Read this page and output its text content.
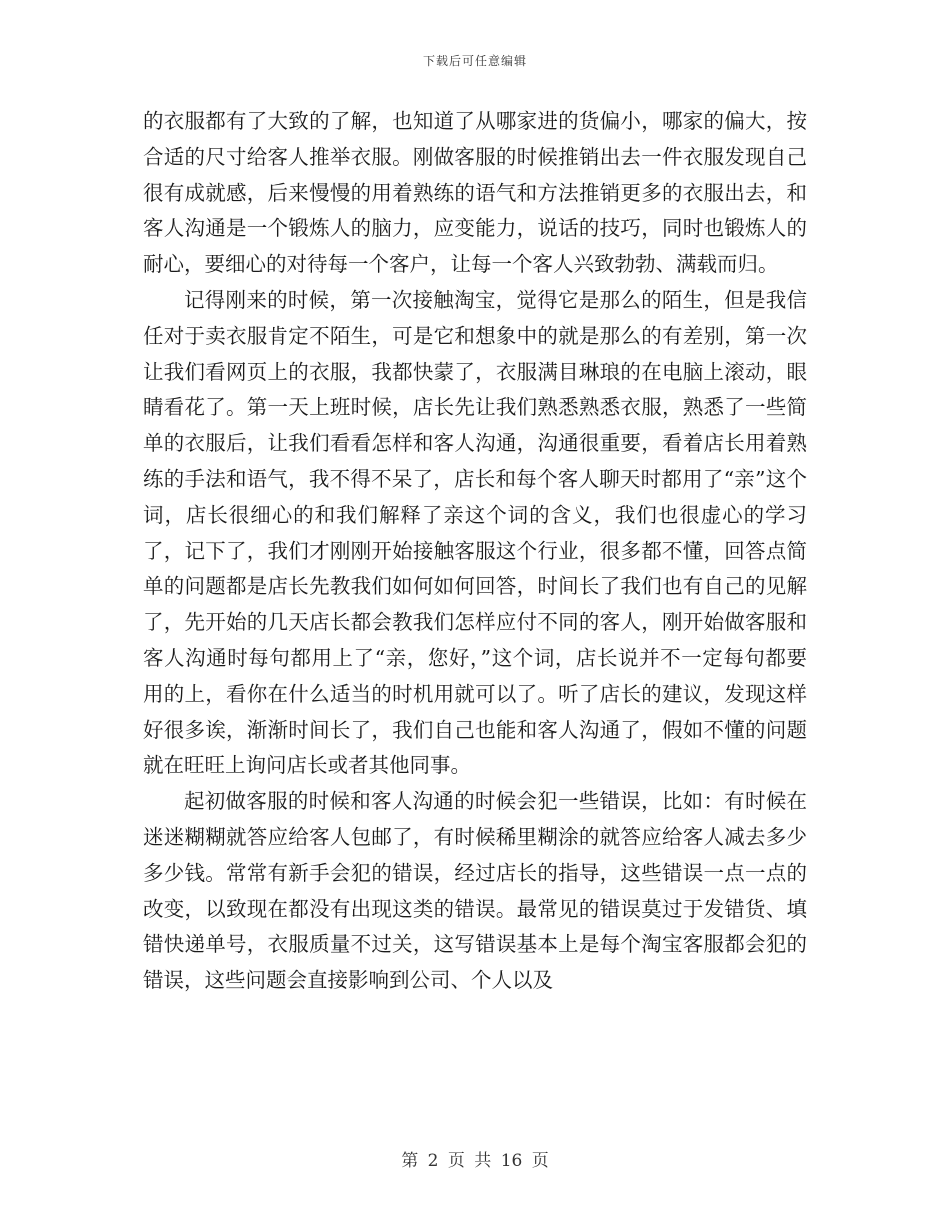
下载后可任意编辑

的衣服都有了大致的了解，也知道了从哪家进的货偏小，哪家的偏大，按合适的尺寸给客人推举衣服。刚做客服的时候推销出去一件衣服发现自己很有成就感，后来慢慢的用着熟练的语气和方法推销更多的衣服出去，和客人沟通是一个锻炼人的脑力，应变能力，说话的技巧，同时也锻炼人的耐心，要细心的对待每一个客户，让每一个客人兴致勃勃、满载而归。

记得刚来的时候，第一次接触淘宝，觉得它是那么的陌生，但是我信任对于卖衣服肯定不陌生，可是它和想象中的就是那么的有差别，第一次让我们看网页上的衣服，我都快蒙了，衣服满目琳琅的在电脑上滚动，眼睛看花了。第一天上班时候，店长先让我们熟悉熟悉衣服，熟悉了一些简单的衣服后，让我们看看怎样和客人沟通，沟通很重要，看着店长用着熟练的手法和语气，我不得不呆了，店长和每个客人聊天时都用了“亲”这个词，店长很细心的和我们解释了亲这个词的含义，我们也很虚心的学习了，记下了，我们才刚刚开始接触客服这个行业，很多都不懂，回答点简单的问题都是店长先教我们如何如何回答，时间长了我们也有自己的见解了，先开始的几天店长都会教我们怎样应付不同的客人，刚开始做客服和客人沟通时每句都用上了“亲，您好，”这个词，店长说并不一定每句都要用的上，看你在什么适当的时机用就可以了。听了店长的建议，发现这样好很多诶，渐渐时间长了，我们自己也能和客人沟通了，假如不懂的问题就在旺旺上询问店长或者其他同事。

起初做客服的时候和客人沟通的时候会犯一些错误，比如：有时候在迷迷糊糊就答应给客人包邮了，有时候稀里糊涂的就答应给客人减去多少多少钱。常常有新手会犯的错误，经过店长的指导，这些错误一点一点的改变，以致现在都没有出现这类的错误。最常见的错误莫过于发错货、填错快递单号，衣服质量不过关，这写错误基本上是每个淘宝客服都会犯的错误，这些问题会直接影响到公司、个人以及

第 2 页 共 16 页
